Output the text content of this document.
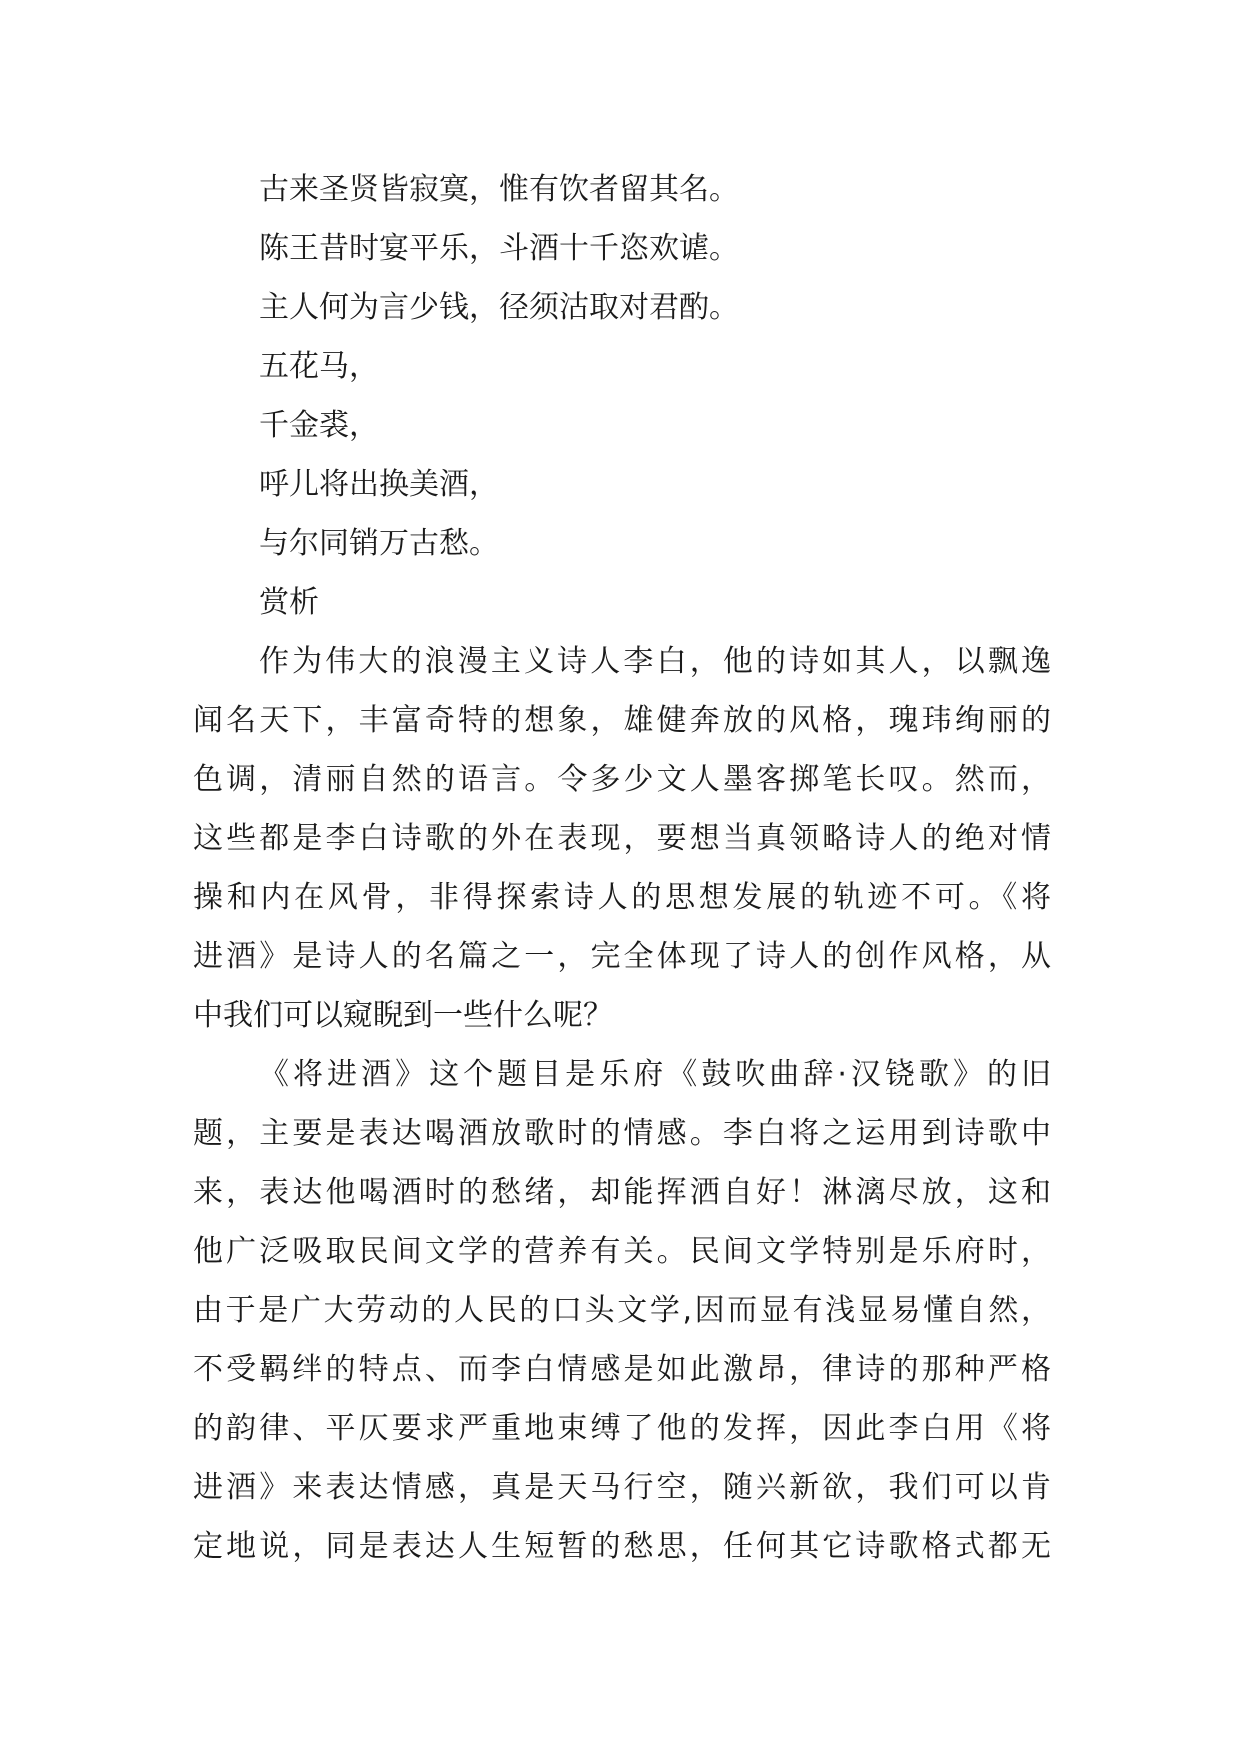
古来圣贤皆寂寞，惟有饮者留其名。

陈王昔时宴平乐，斗酒十千恣欢谑。

主人何为言少钱，径须沽取对君酌。

五花马，

千金裘，

呼儿将出换美酒，

与尔同销万古愁。

赏析

作为伟大的浪漫主义诗人李白，他的诗如其人，以飘逸
闻名天下，丰富奇特的想象，雄健奔放的风格，瑰玮绚丽的
色调，清丽自然的语言。令多少文人墨客掷笔长叹。然而，
这些都是李白诗歌的外在表现，要想当真领略诗人的绝对情
操和内在风骨，非得探索诗人的思想发展的轨迹不可。《将
进酒》是诗人的名篇之一，完全体现了诗人的创作风格，从
中我们可以窥睨到一些什么呢？
《将进酒》这个题目是乐府《鼓吹曲辞·汉铙歌》的旧
题，主要是表达喝酒放歌时的情感。李白将之运用到诗歌中
来，表达他喝酒时的愁绪，却能挥洒自好！淋漓尽放，这和
他广泛吸取民间文学的营养有关。民间文学特别是乐府时，
由于是广大劳动的人民的口头文学,因而显有浅显易懂自然，
不受羁绊的特点、而李白情感是如此激昂，律诗的那种严格
的韵律、平仄要求严重地束缚了他的发挥，因此李白用《将
进酒》来表达情感，真是天马行空，随兴新欲，我们可以肯
定地说，同是表达人生短暂的愁思，任何其它诗歌格式都无
